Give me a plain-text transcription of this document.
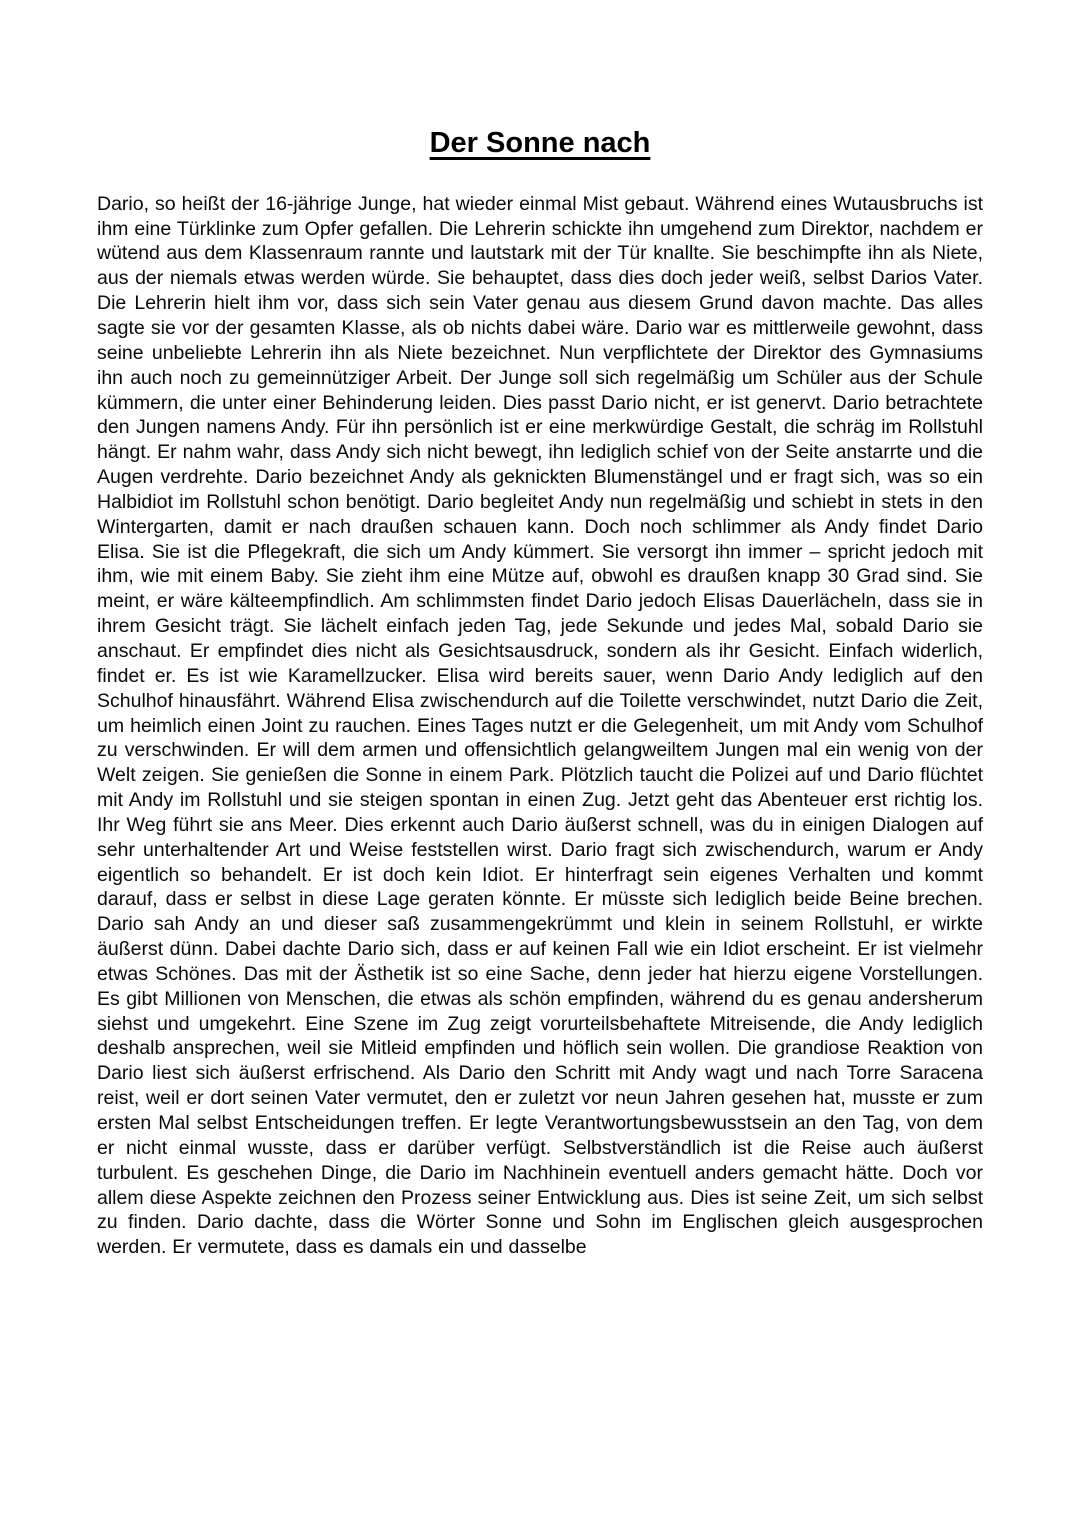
Der Sonne nach

Dario, so heißt der 16-jährige Junge, hat wieder einmal Mist gebaut. Während eines Wutausbruchs ist ihm eine Türklinke zum Opfer gefallen. Die Lehrerin schickte ihn umgehend zum Direktor, nachdem er wütend aus dem Klassenraum rannte und lautstark mit der Tür knallte. Sie beschimpfte ihn als Niete, aus der niemals etwas werden würde. Sie behauptet, dass dies doch jeder weiß, selbst Darios Vater. Die Lehrerin hielt ihm vor, dass sich sein Vater genau aus diesem Grund davon machte. Das alles sagte sie vor der gesamten Klasse, als ob nichts dabei wäre. Dario war es mittlerweile gewohnt, dass seine unbeliebte Lehrerin ihn als Niete bezeichnet. Nun verpflichtete der Direktor des Gymnasiums ihn auch noch zu gemeinnütziger Arbeit. Der Junge soll sich regelmäßig um Schüler aus der Schule kümmern, die unter einer Behinderung leiden. Dies passt Dario nicht, er ist genervt. Dario betrachtete den Jungen namens Andy. Für ihn persönlich ist er eine merkwürdige Gestalt, die schräg im Rollstuhl hängt. Er nahm wahr, dass Andy sich nicht bewegt, ihn lediglich schief von der Seite anstarrte und die Augen verdrehte. Dario bezeichnet Andy als geknickten Blumenstängel und er fragt sich, was so ein Halbidiot im Rollstuhl schon benötigt. Dario begleitet Andy nun regelmäßig und schiebt in stets in den Wintergarten, damit er nach draußen schauen kann. Doch noch schlimmer als Andy findet Dario Elisa. Sie ist die Pflegekraft, die sich um Andy kümmert. Sie versorgt ihn immer – spricht jedoch mit ihm, wie mit einem Baby. Sie zieht ihm eine Mütze auf, obwohl es draußen knapp 30 Grad sind. Sie meint, er wäre kälteempfindlich. Am schlimmsten findet Dario jedoch Elisas Dauerlächeln, dass sie in ihrem Gesicht trägt. Sie lächelt einfach jeden Tag, jede Sekunde und jedes Mal, sobald Dario sie anschaut. Er empfindet dies nicht als Gesichtsausdruck, sondern als ihr Gesicht. Einfach widerlich, findet er. Es ist wie Karamellzucker. Elisa wird bereits sauer, wenn Dario Andy lediglich auf den Schulhof hinausfährt. Während Elisa zwischendurch auf die Toilette verschwindet, nutzt Dario die Zeit, um heimlich einen Joint zu rauchen. Eines Tages nutzt er die Gelegenheit, um mit Andy vom Schulhof zu verschwinden. Er will dem armen und offensichtlich gelangweiltem Jungen mal ein wenig von der Welt zeigen. Sie genießen die Sonne in einem Park. Plötzlich taucht die Polizei auf und Dario flüchtet mit Andy im Rollstuhl und sie steigen spontan in einen Zug. Jetzt geht das Abenteuer erst richtig los. Ihr Weg führt sie ans Meer. Dies erkennt auch Dario äußerst schnell, was du in einigen Dialogen auf sehr unterhaltender Art und Weise feststellen wirst. Dario fragt sich zwischendurch, warum er Andy eigentlich so behandelt. Er ist doch kein Idiot. Er hinterfragt sein eigenes Verhalten und kommt darauf, dass er selbst in diese Lage geraten könnte. Er müsste sich lediglich beide Beine brechen. Dario sah Andy an und dieser saß zusammengekrümmt und klein in seinem Rollstuhl, er wirkte äußerst dünn. Dabei dachte Dario sich, dass er auf keinen Fall wie ein Idiot erscheint. Er ist vielmehr etwas Schönes. Das mit der Ästhetik ist so eine Sache, denn jeder hat hierzu eigene Vorstellungen. Es gibt Millionen von Menschen, die etwas als schön empfinden, während du es genau andersherum siehst und umgekehrt. Eine Szene im Zug zeigt vorurteilsbehaftete Mitreisende, die Andy lediglich deshalb ansprechen, weil sie Mitleid empfinden und höflich sein wollen. Die grandiose Reaktion von Dario liest sich äußerst erfrischend. Als Dario den Schritt mit Andy wagt und nach Torre Saracena reist, weil er dort seinen Vater vermutet, den er zuletzt vor neun Jahren gesehen hat, musste er zum ersten Mal selbst Entscheidungen treffen. Er legte Verantwortungsbewusstsein an den Tag, von dem er nicht einmal wusste, dass er darüber verfügt. Selbstverständlich ist die Reise auch äußerst turbulent. Es geschehen Dinge, die Dario im Nachhinein eventuell anders gemacht hätte. Doch vor allem diese Aspekte zeichnen den Prozess seiner Entwicklung aus. Dies ist seine Zeit, um sich selbst zu finden. Dario dachte, dass die Wörter Sonne und Sohn im Englischen gleich ausgesprochen werden. Er vermutete, dass es damals ein und dasselbe
